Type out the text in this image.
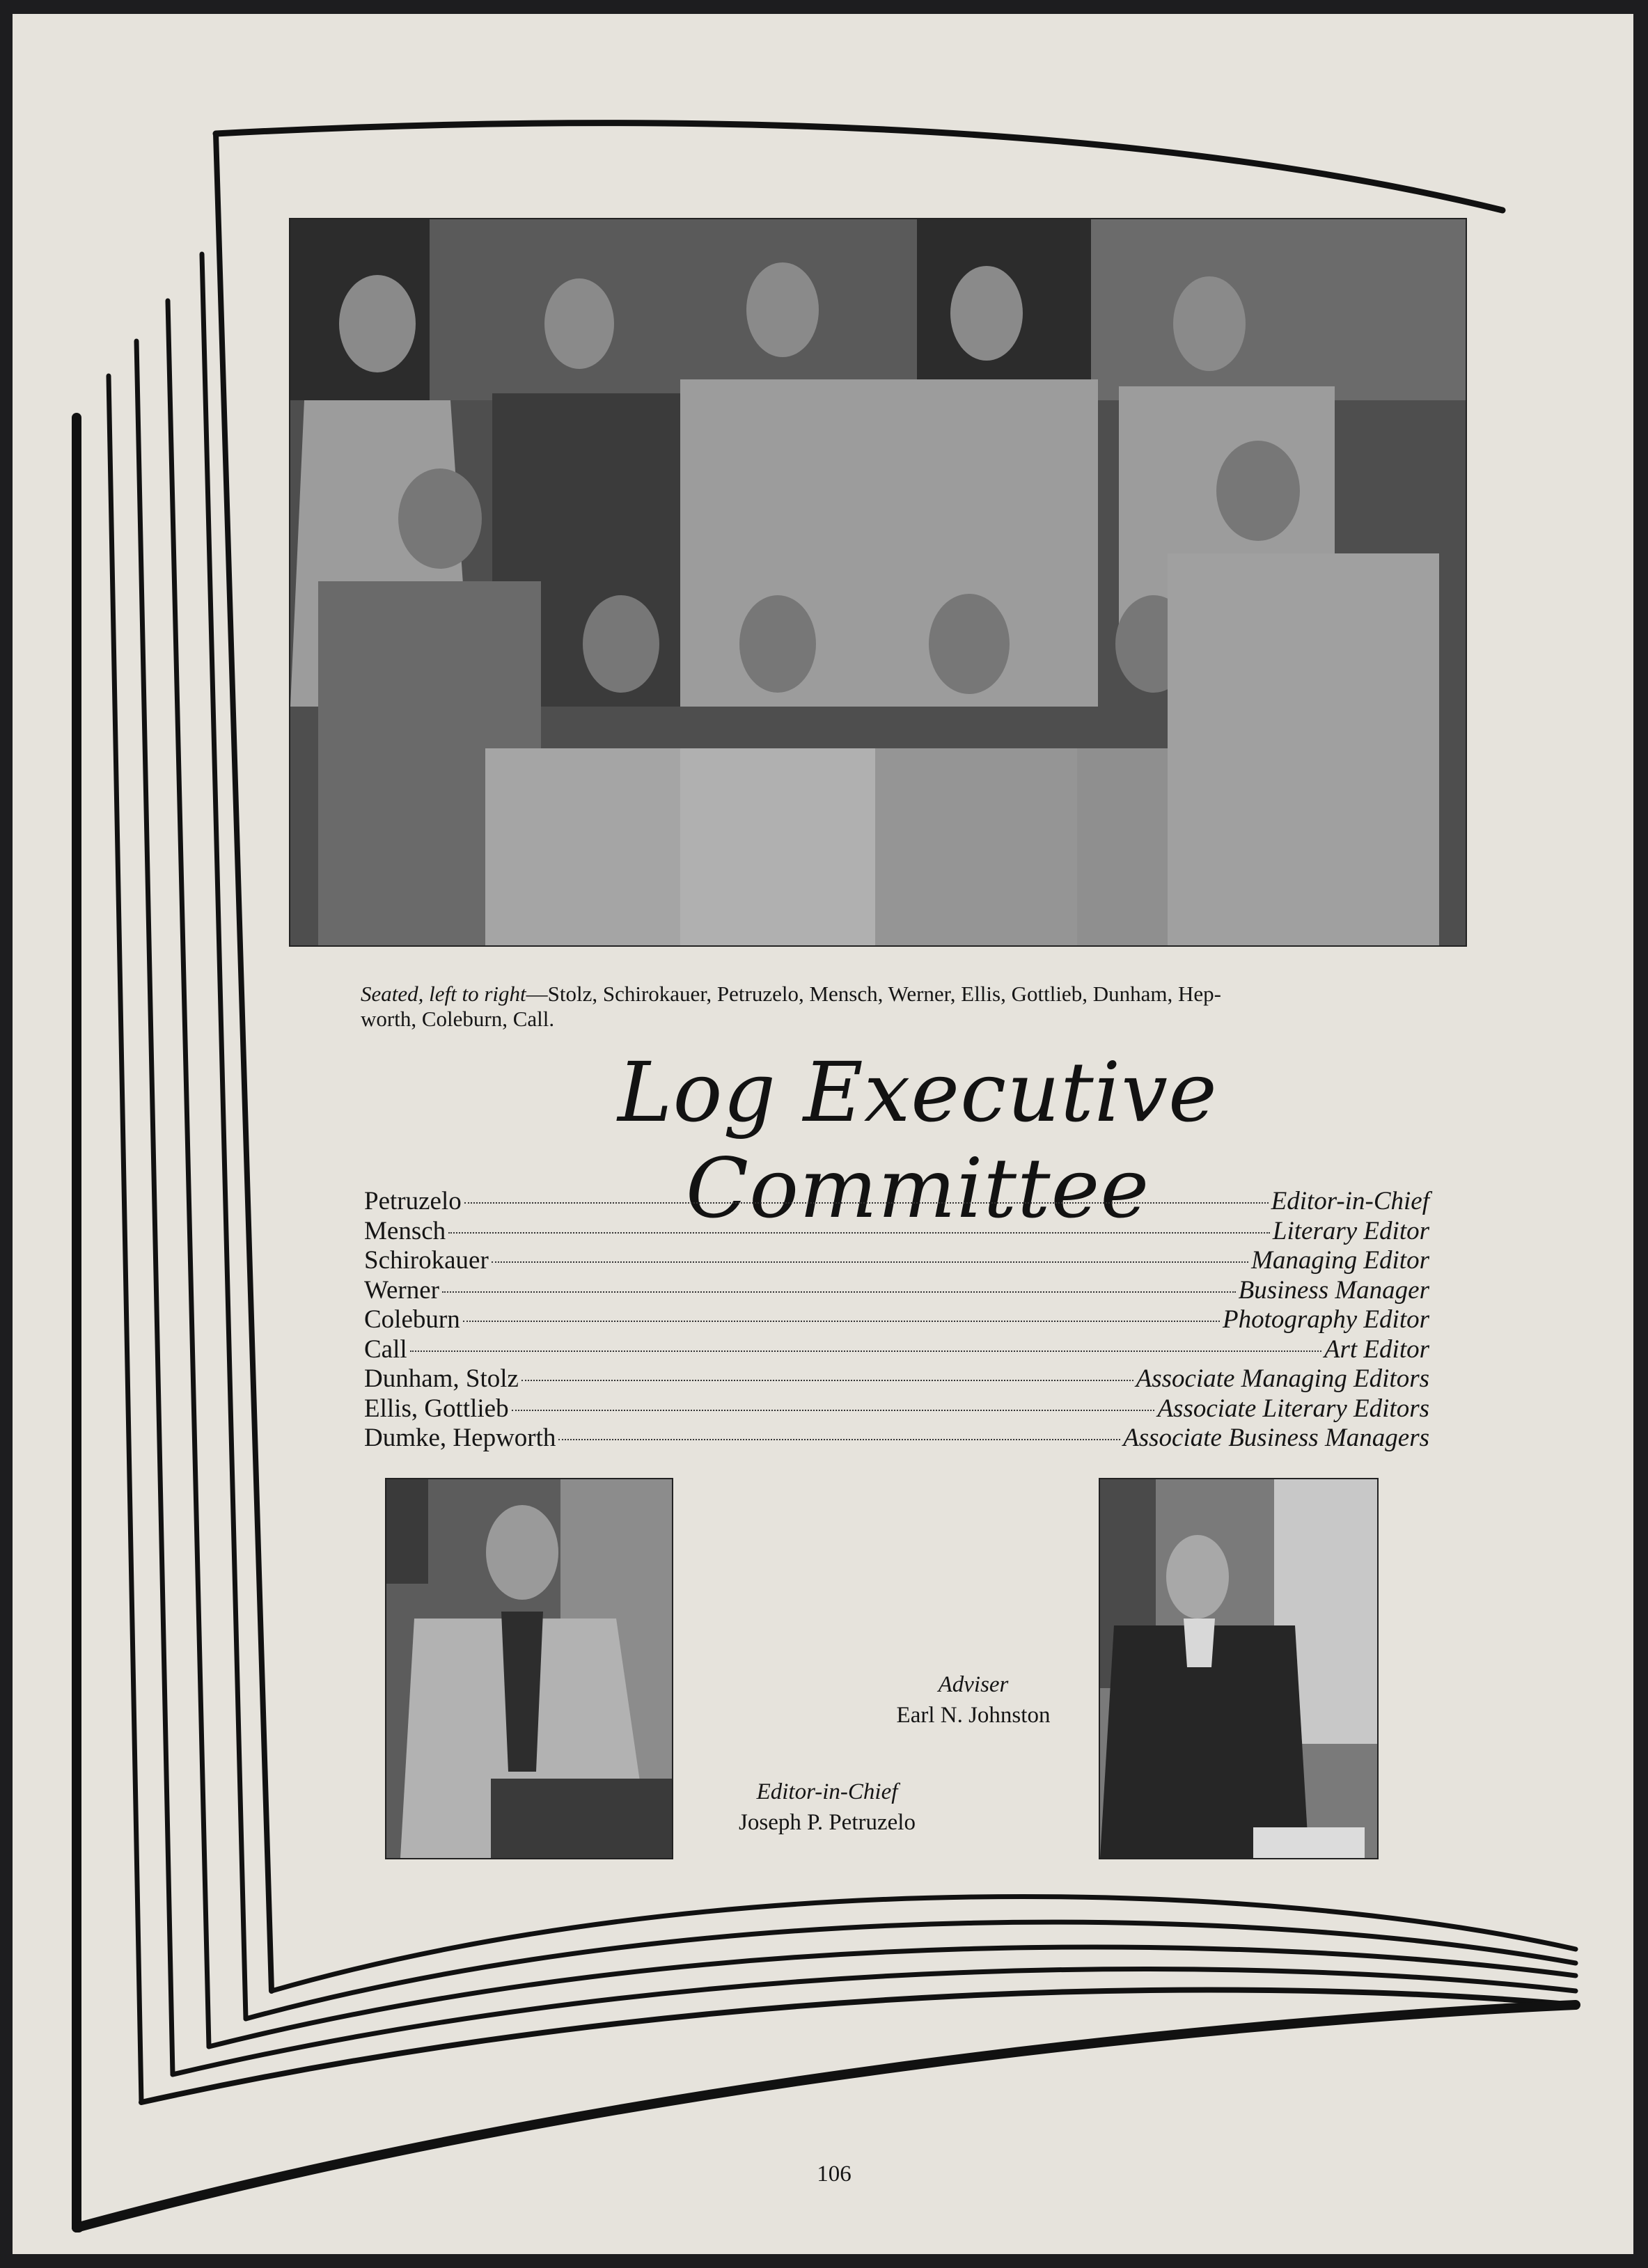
Seated, left to right—Stolz, Schirokauer, Petruzelo, Mensch, Werner, Ellis, Gottlieb, Dunham, Hep-
worth, Coleburn, Call.
Log Executive Committee
Petruzelo	Editor-in-Chief
Mensch	Literary Editor
Schirokauer	Managing Editor
Werner	Business Manager
Coleburn	Photography Editor
Call	Art Editor
Dunham, Stolz	Associate Managing Editors
Ellis, Gottlieb	Associate Literary Editors
Dumke, Hepworth	Associate Business Managers
Adviser
Earl N. Johnston
Editor-in-Chief
Joseph P. Petruzelo
106
